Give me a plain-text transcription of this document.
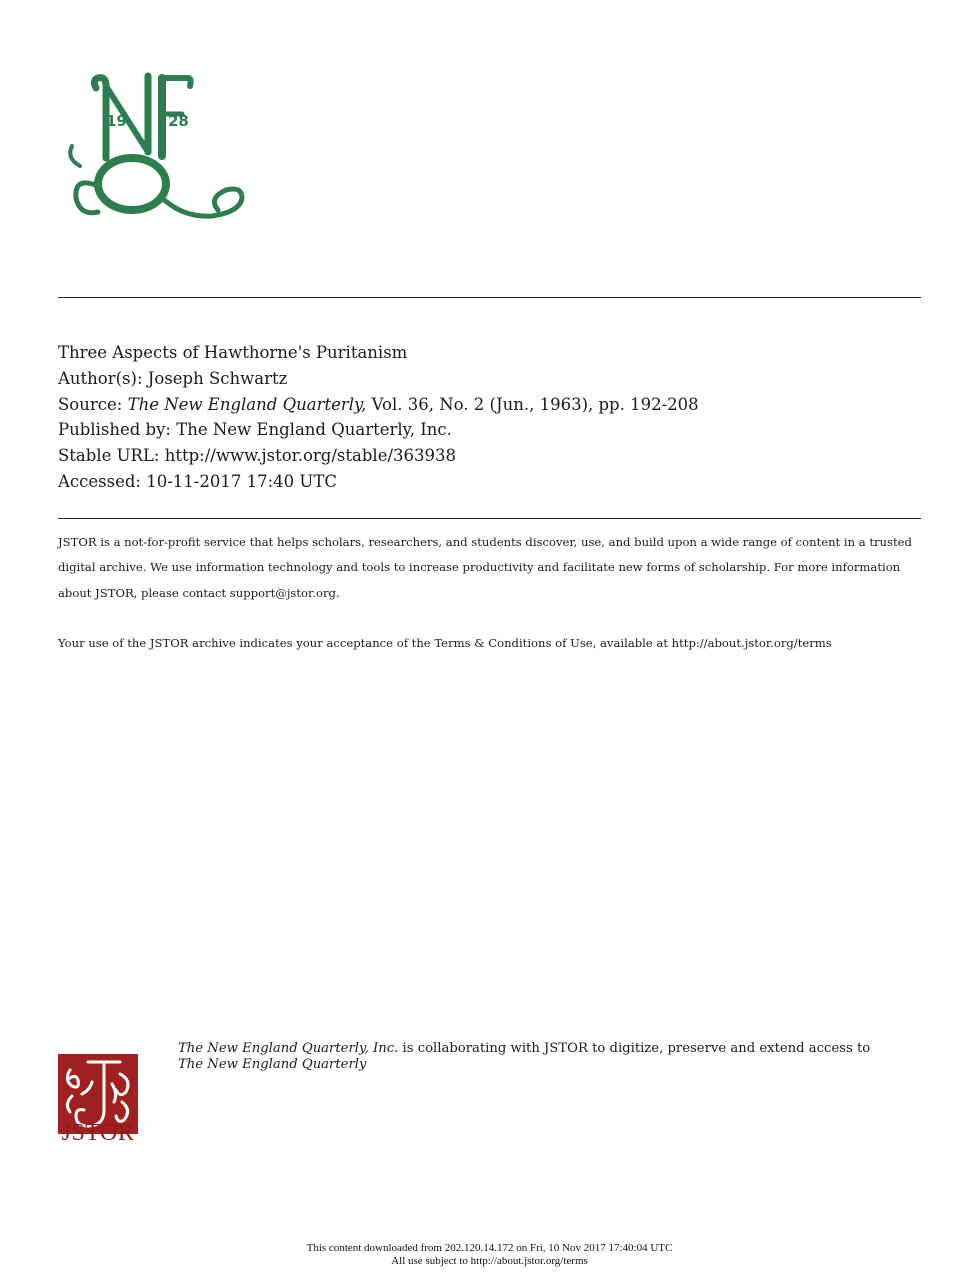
19	28
Three Aspects of Hawthorne's Puritanism
Author(s): Joseph Schwartz
Source: The New England Quarterly, Vol. 36, No. 2 (Jun., 1963), pp. 192-208
Published by: The New England Quarterly, Inc.
Stable URL: http://www.jstor.org/stable/363938
Accessed: 10-11-2017 17:40 UTC

JSTOR is a not-for-profit service that helps scholars, researchers, and students discover, use, and build upon a wide range of content in a trusted digital archive. We use information technology and tools to increase productivity and facilitate new forms of scholarship. For more information about JSTOR, please contact support@jstor.org.

Your use of the JSTOR archive indicates your acceptance of the Terms & Conditions of Use, available at http://about.jstor.org/terms

JSTOR
The New England Quarterly, Inc. is collaborating with JSTOR to digitize, preserve and extend access to The New England Quarterly
This content downloaded from 202.120.14.172 on Fri, 10 Nov 2017 17:40:04 UTC
All use subject to http://about.jstor.org/terms
